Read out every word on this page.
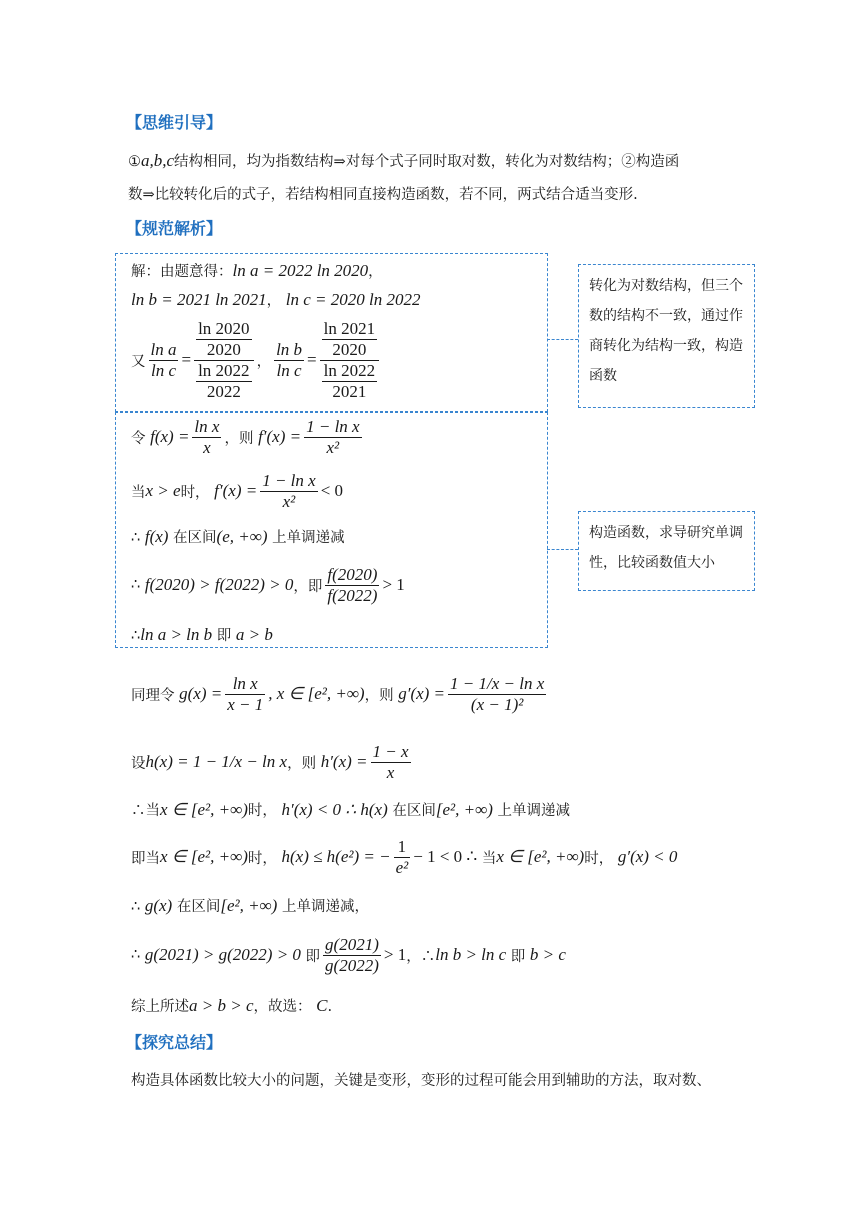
【思维引导】
【规范解析】
【探究总结】
①a,b,c结构相同，均为指数结构⇒对每个式子同时取对数，转化为对数结构；②构造函
数⇒比较转化后的式子，若结构相同直接构造函数，若不同，两式结合适当变形.
解：由题意得：ln a = 2022 ln 2020，
ln b = 2021 ln 2021， ln c = 2020 ln 2022
又 $\frac{\text{ln a}}{\text{ln c}} = \frac{\frac{\ln 2020}{2020}}{\frac{\ln 2022}{2022}}$ ， $\frac{\text{ln b}}{\text{ln c}} = \frac{\frac{\ln 2021}{2020}}{\frac{\ln 2022}{2021}}$
令
$f(x) = \frac{\text{ln x}}{x}$ ，则
$f'(x) = \frac{\text{1 − ln x}}{\text{x²}}$
当 x > e 时，
$f'(x) = \frac{\text{1 − ln x}}{\text{x²}} < 0$
∴ f(x) 在区间(e, +∞) 上单调递减
∴
f(2020) > f(2022) > 0 ，即 $\frac{f(2020)}{f(2022)} > 1$
∴ln a > ln b 即 a > b
转化为对数结构，但三个数的结构不一致，通过作商转化为结构一致，构造函数
构造函数，求导研究单调性，比较函数值大小
同理令
$g(x) = \frac{\text{ln x}}{x - 1}$ , x ∈ [e², +∞) ，则
$g'(x) = \frac{\text{1 − 1/x − ln x}}{\text{(x − 1)²}}$
设 h(x) = 1 − 1/x − ln x ，则
$h'(x) = \frac{1 - x}{x}$
∴当x ∈ [e², +∞)时， h′(x) < 0 ∴ h(x) 在区间[e², +∞) 上单调递减
即当 x ∈ [e², +∞) 时，
h(x) ≤ h(e²) = − $\frac{1}{\text{e²}} - 1 < 0$ ∴
当 x ∈ [e², +∞) 时，
g′(x) < 0
∴ g(x) 在区间[e², +∞) 上单调递减，
∴
g(2021) > g(2022) > 0
即 $\frac{g(2021)}{g(2022)} > 1$ ，∴ ln b > ln c
即
b > c
综上所述a > b > c，故选： C.
构造具体函数比较大小的问题，关键是变形，变形的过程可能会用到辅助的方法，取对数、
